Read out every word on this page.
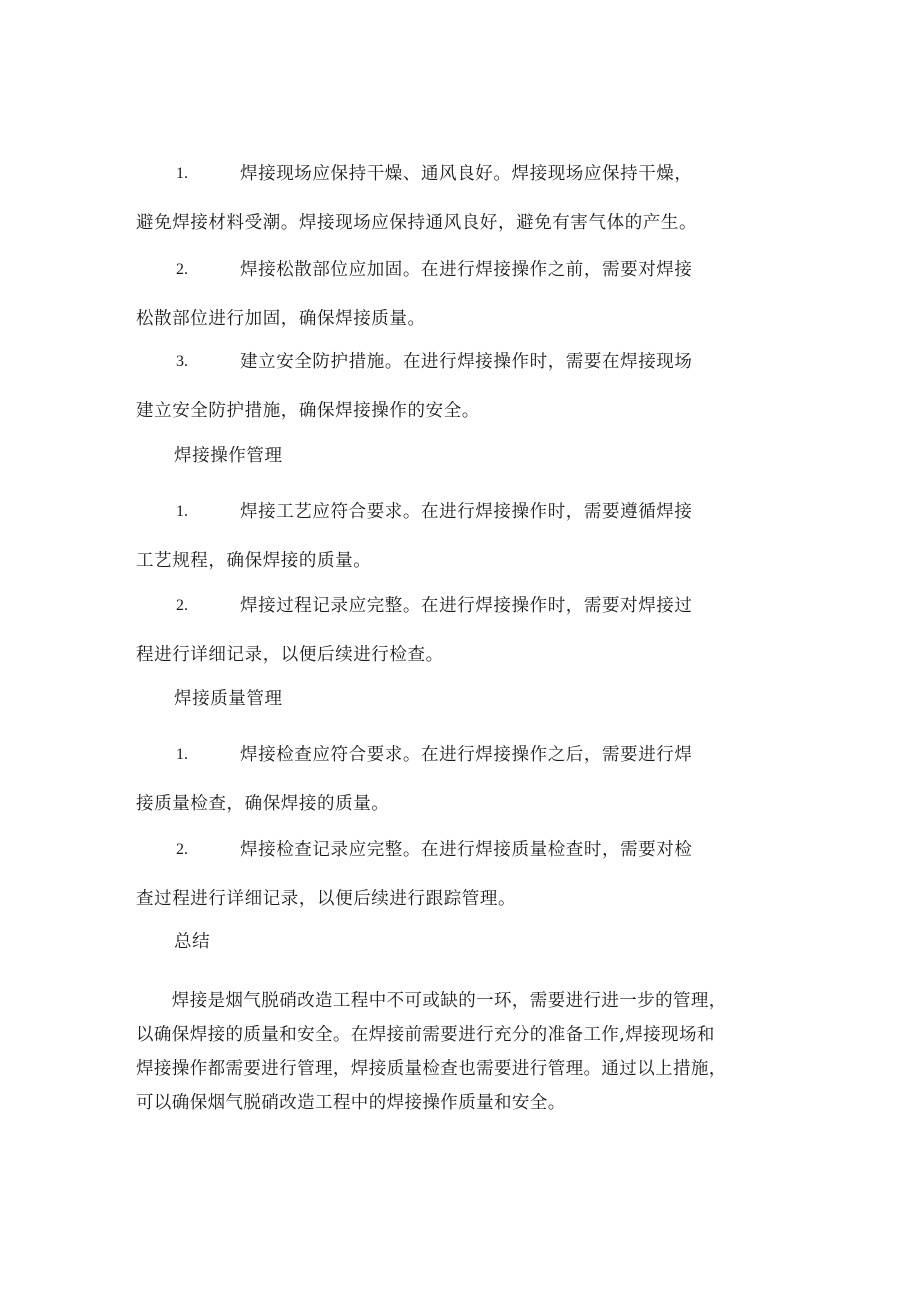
1.	焊接现场应保持干燥、通风良好。焊接现场应保持干燥，
避免焊接材料受潮。焊接现场应保持通风良好，避免有害气体的产生。
2.	焊接松散部位应加固。在进行焊接操作之前，需要对焊接
松散部位进行加固，确保焊接质量。
3.	建立安全防护措施。在进行焊接操作时，需要在焊接现场
建立安全防护措施，确保焊接操作的安全。
焊接操作管理
1.	焊接工艺应符合要求。在进行焊接操作时，需要遵循焊接
工艺规程，确保焊接的质量。
2.	焊接过程记录应完整。在进行焊接操作时，需要对焊接过
程进行详细记录，以便后续进行检查。
焊接质量管理
1.	焊接检查应符合要求。在进行焊接操作之后，需要进行焊
接质量检查，确保焊接的质量。
2.	焊接检查记录应完整。在进行焊接质量检查时，需要对检
查过程进行详细记录，以便后续进行跟踪管理。
总结

　　焊接是烟气脱硝改造工程中不可或缺的一环，需要进行进一步的管理，

以确保焊接的质量和安全。在焊接前需要进行充分的准备工作,焊接现场和

焊接操作都需要进行管理，焊接质量检查也需要进行管理。通过以上措施，

可以确保烟气脱硝改造工程中的焊接操作质量和安全。
